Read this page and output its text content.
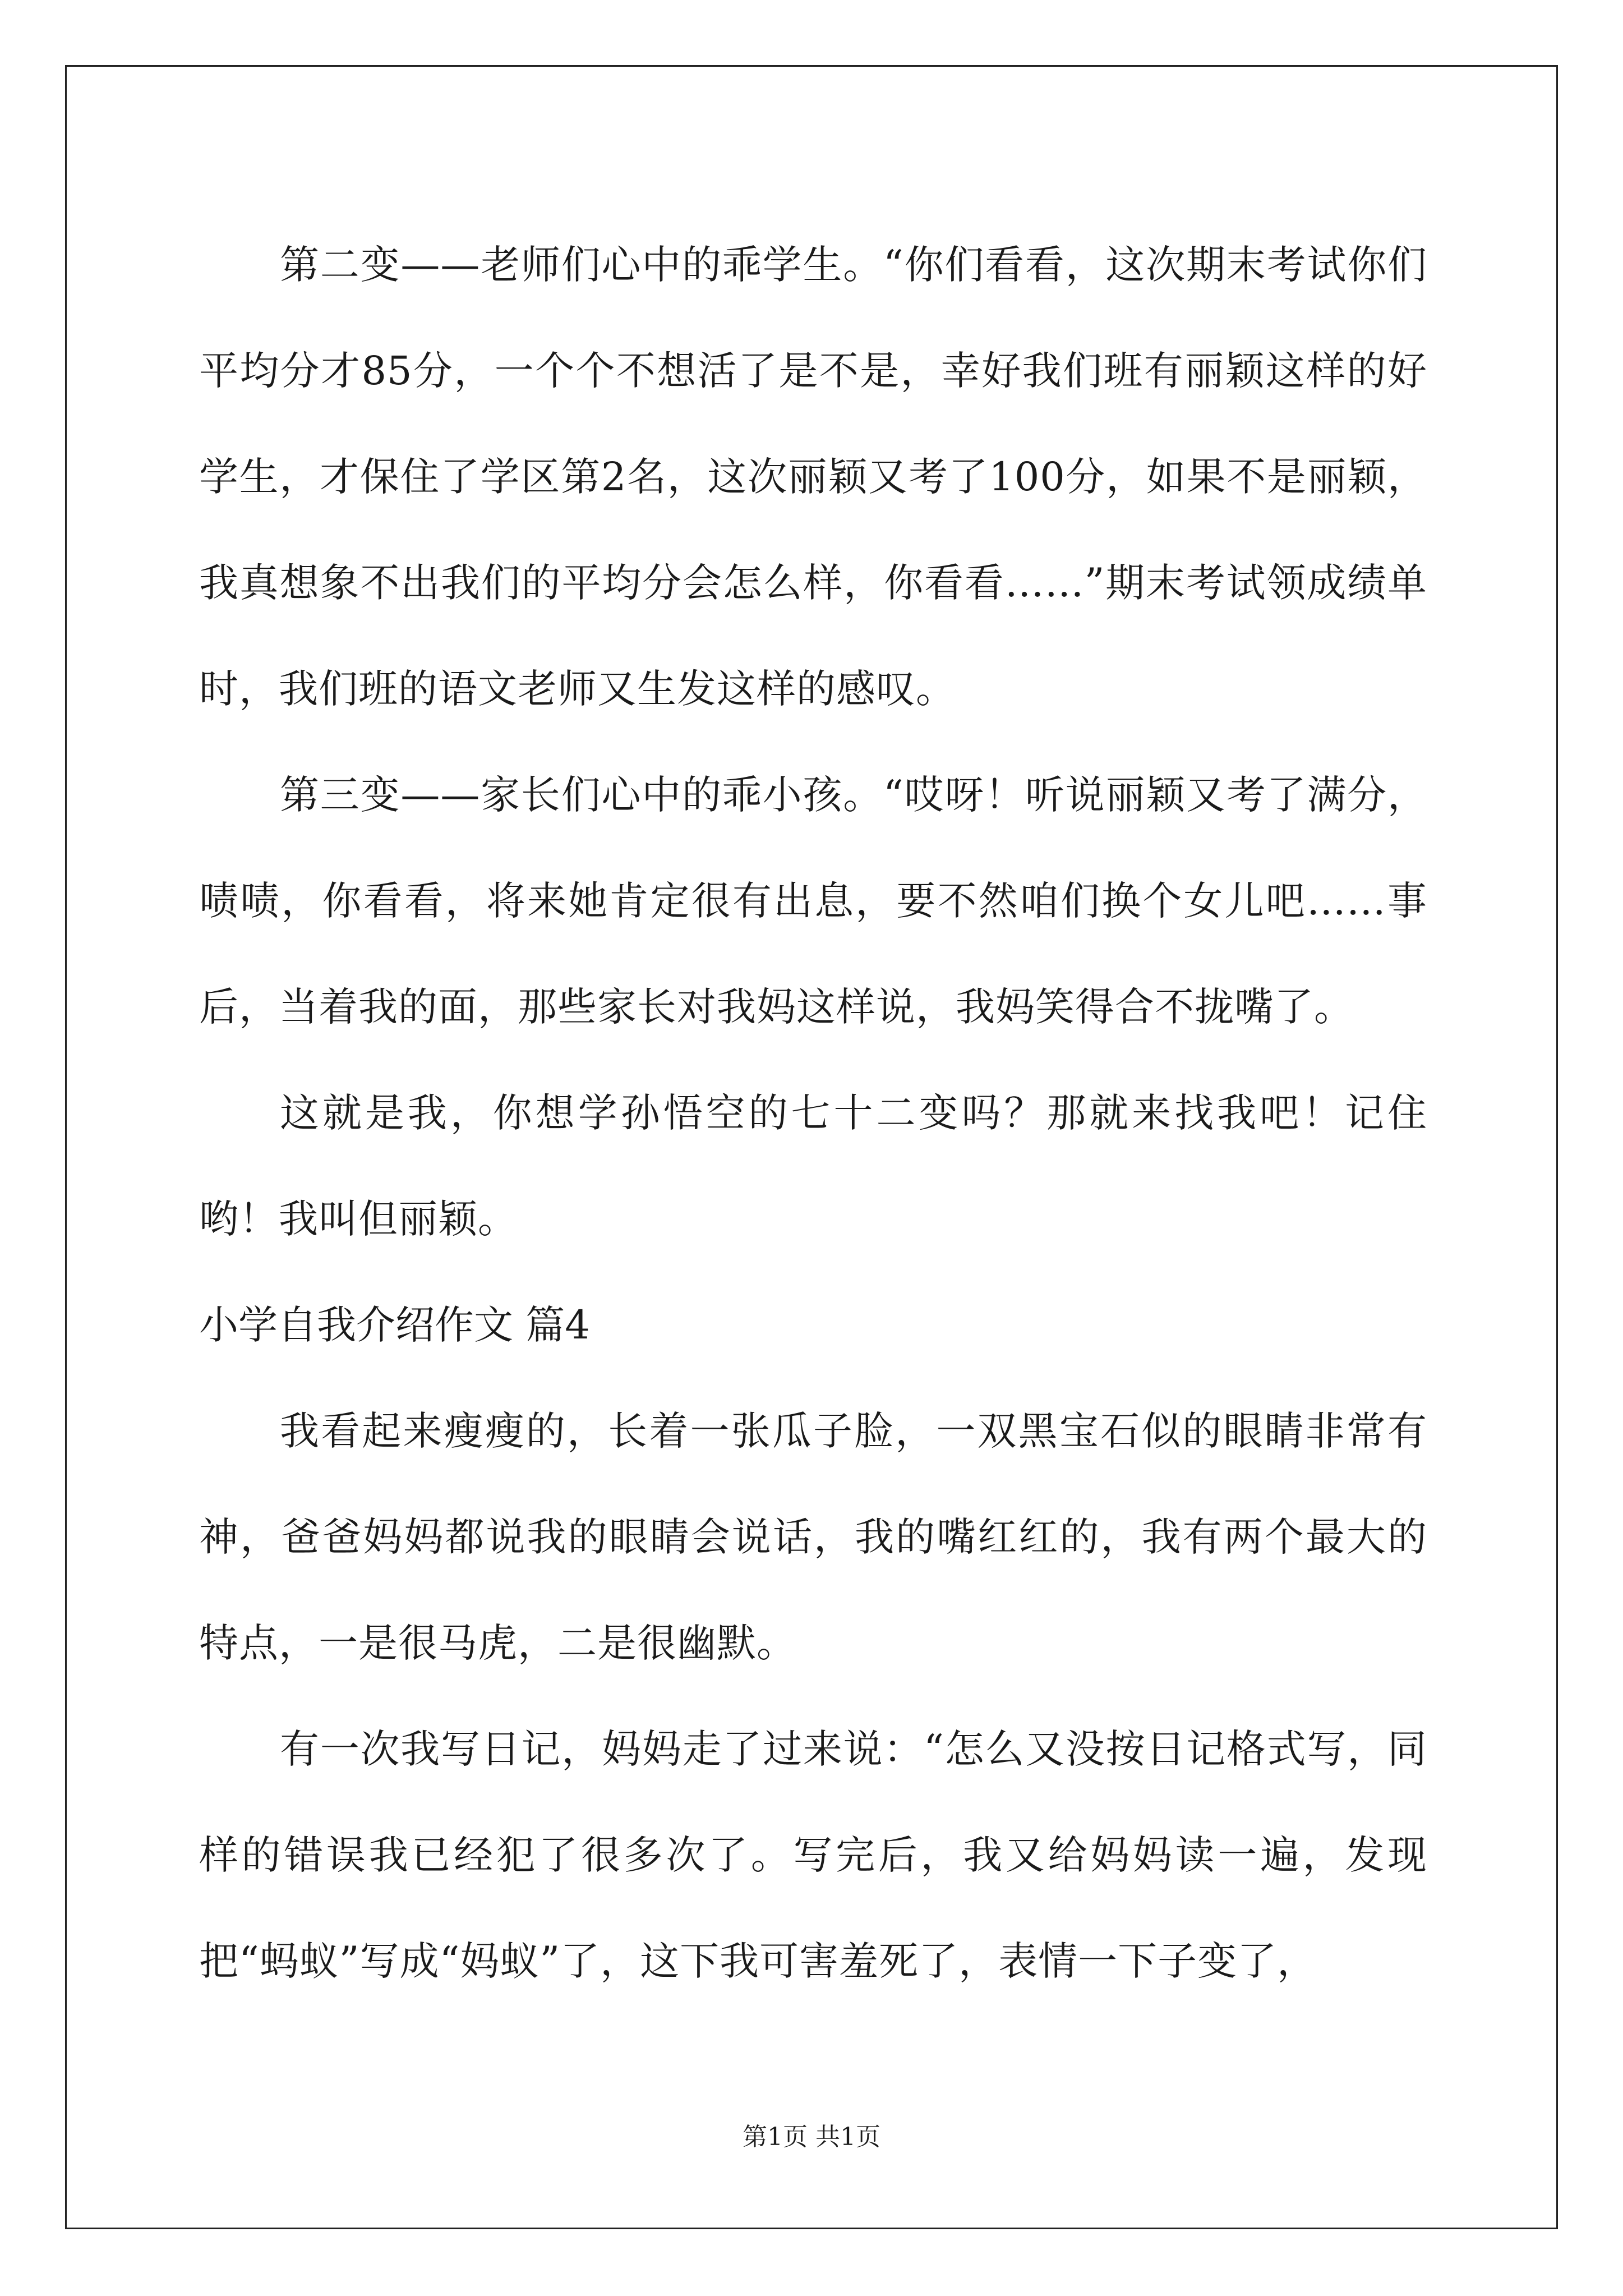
第二变——老师们心中的乖学生。“你们看看，这次期末考试你们平均分才85分，一个个不想活了是不是，幸好我们班有丽颖这样的好学生，才保住了学区第2名，这次丽颖又考了100分，如果不是丽颖，我真想象不出我们的平均分会怎么样，你看看……”期末考试领成绩单时，我们班的语文老师又生发这样的感叹。

第三变——家长们心中的乖小孩。“哎呀！听说丽颖又考了满分，啧啧，你看看，将来她肯定很有出息，要不然咱们换个女儿吧……事后，当着我的面，那些家长对我妈这样说，我妈笑得合不拢嘴了。

这就是我，你想学孙悟空的七十二变吗？那就来找我吧！记住哟！我叫但丽颖。

小学自我介绍作文 篇4

我看起来瘦瘦的，长着一张瓜子脸，一双黑宝石似的眼睛非常有神，爸爸妈妈都说我的眼睛会说话，我的嘴红红的，我有两个最大的特点，一是很马虎，二是很幽默。

有一次我写日记，妈妈走了过来说：“怎么又没按日记格式写，同样的错误我已经犯了很多次了。写完后，我又给妈妈读一遍，发现把“蚂蚁”写成“妈蚁”了，这下我可害羞死了，表情一下子变了，

第1页 共1页
